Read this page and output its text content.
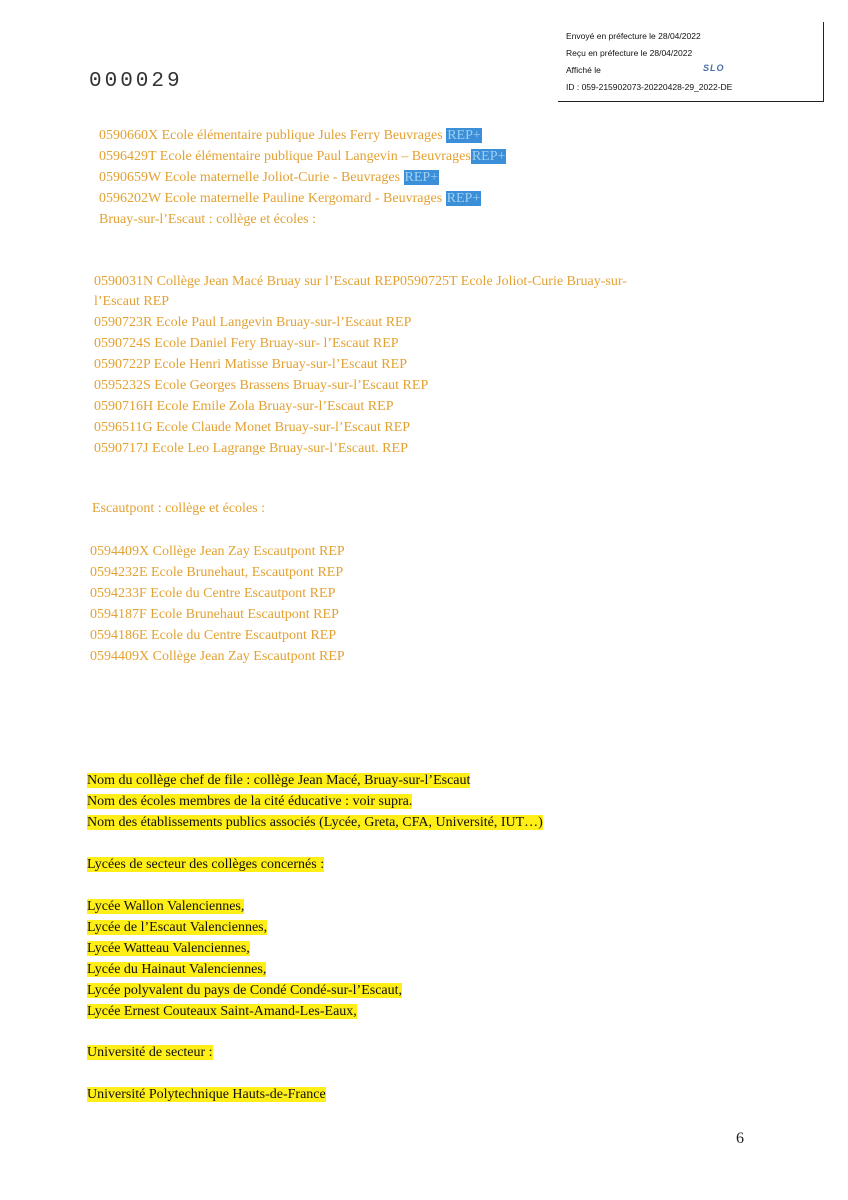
Envoyé en préfecture le 28/04/2022
Reçu en préfecture le 28/04/2022
Affiché le
ID : 059-215902073-20220428-29_2022-DE
SLO
000029
0590660X Ecole élémentaire publique Jules Ferry Beuvrages REP+
0596429T Ecole élémentaire publique Paul Langevin – BeuvragesREP+
0590659W Ecole maternelle Joliot-Curie - Beuvrages REP+
0596202W Ecole maternelle Pauline Kergomard - Beuvrages REP+
Bruay-sur-l’Escaut : collège et écoles :
0590031N Collège Jean Macé Bruay sur l’Escaut REP0590725T Ecole Joliot-Curie Bruay-sur-
l’Escaut REP
0590723R Ecole Paul Langevin Bruay-sur-l’Escaut REP
0590724S Ecole Daniel Fery Bruay-sur- l’Escaut REP
0590722P Ecole Henri Matisse Bruay-sur-l’Escaut REP
0595232S Ecole Georges Brassens Bruay-sur-l’Escaut REP
0590716H Ecole Emile Zola Bruay-sur-l’Escaut REP
0596511G Ecole Claude Monet Bruay-sur-l’Escaut REP
0590717J Ecole Leo Lagrange Bruay-sur-l’Escaut. REP
Escautpont : collège et écoles :
0594409X Collège Jean Zay Escautpont REP
0594232E Ecole Brunehaut, Escautpont REP
0594233F Ecole du Centre Escautpont REP
0594187F Ecole Brunehaut Escautpont REP
0594186E Ecole du Centre Escautpont REP
0594409X Collège Jean Zay Escautpont REP
Nom du collège chef de file : collège Jean Macé, Bruay-sur-l’Escaut
Nom des écoles membres de la cité éducative : voir supra.
Nom des établissements publics associés (Lycée, Greta, CFA, Université, IUT…)
Lycées de secteur des collèges concernés :
Lycée Wallon Valenciennes,
Lycée de l’Escaut Valenciennes,
Lycée Watteau Valenciennes,
Lycée du Hainaut Valenciennes,
Lycée polyvalent du pays de Condé Condé-sur-l’Escaut,
Lycée Ernest Couteaux Saint-Amand-Les-Eaux,
Université de secteur :
Université Polytechnique Hauts-de-France
6
